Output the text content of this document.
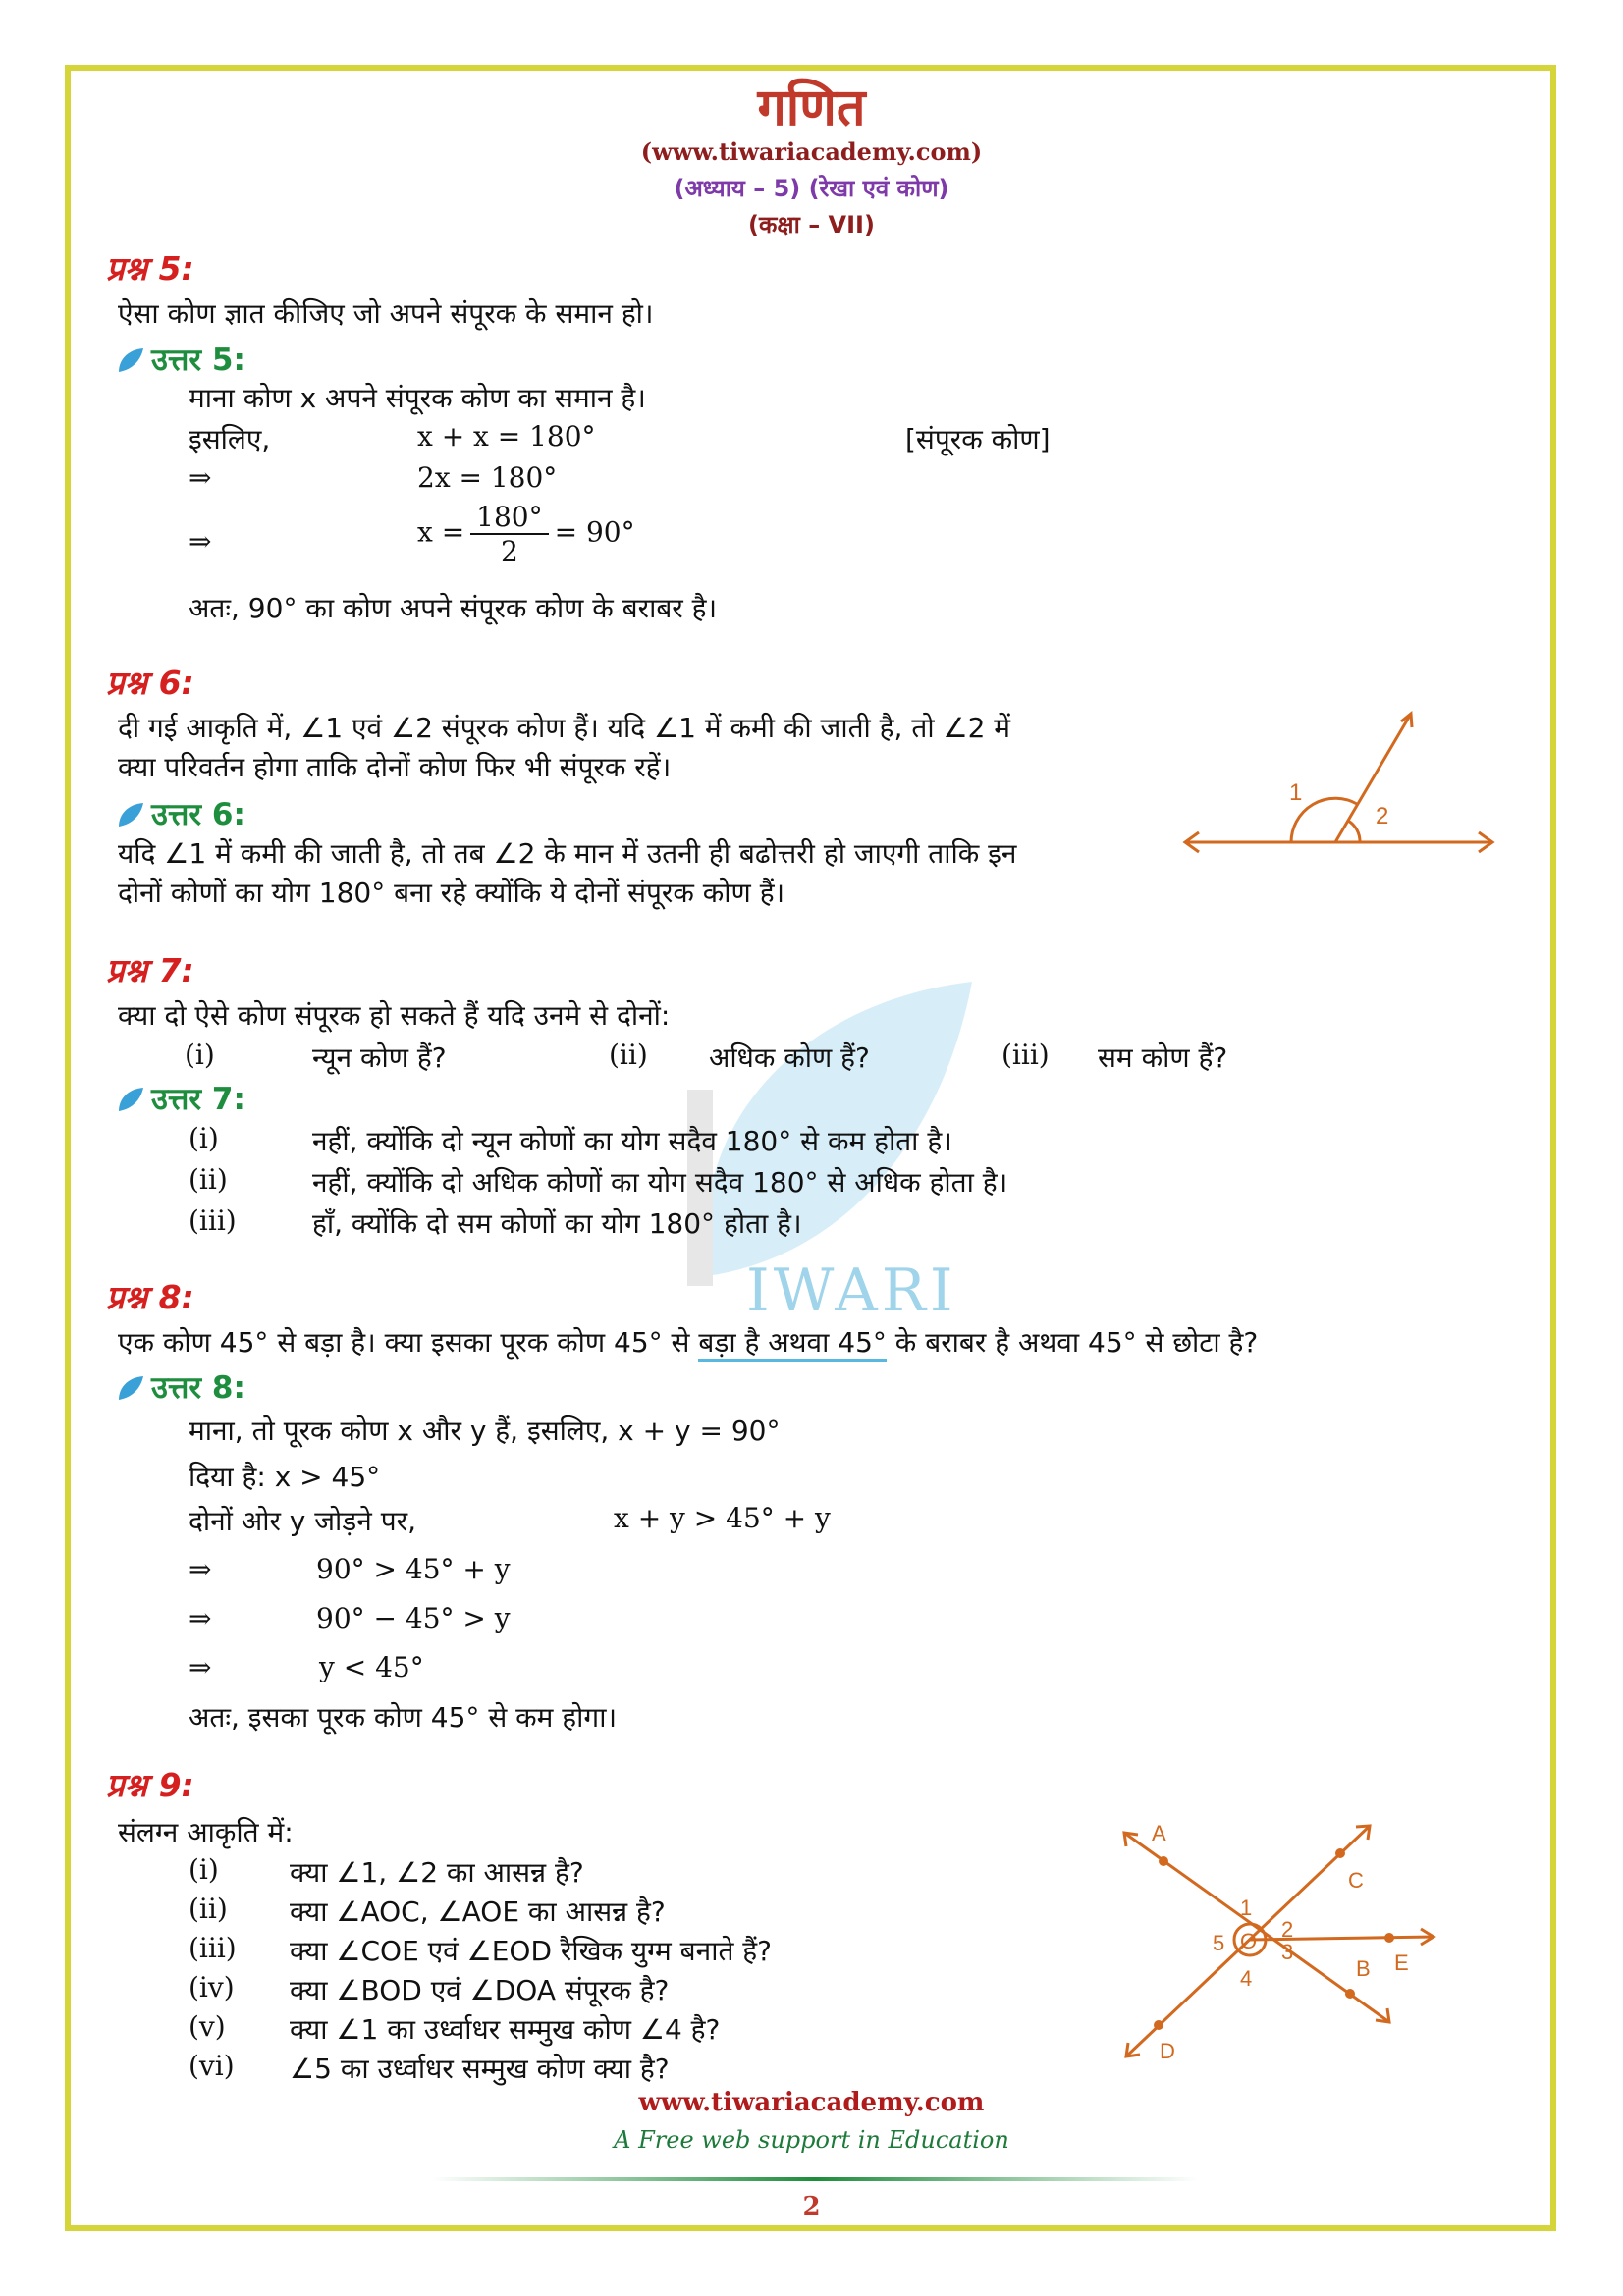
IWARI
गणित
(www.tiwariacademy.com)
(अध्याय – 5) (रेखा एवं कोण)
(कक्षा – VII)
प्रश्न 5:
ऐसा कोण ज्ञात कीजिए जो अपने संपूरक के समान हो।
उत्तर 5:
माना कोण x अपने संपूरक कोण का समान है।
इसलिए,	x + x = 180°	[संपूरक कोण]
⇒	2x = 180°
⇒	$x = \frac{180^\circ}{2} = 90^\circ$
अतः, 90° का कोण अपने संपूरक कोण के बराबर है।
प्रश्न 6:
दी गई आकृति में, ∠1 एवं ∠2 संपूरक कोण हैं। यदि ∠1 में कमी की जाती है, तो ∠2 में
क्या परिवर्तन होगा ताकि दोनों कोण फिर भी संपूरक रहें।
उत्तर 6:
यदि ∠1 में कमी की जाती है, तो तब ∠2 के मान में उतनी ही बढोत्तरी हो जाएगी ताकि इन
दोनों कोणों का योग 180° बना रहे क्योंकि ये दोनों संपूरक कोण हैं।
1
2
प्रश्न 7:
क्या दो ऐसे कोण संपूरक हो सकते हैं यदि उनमे से दोनों:
(i)	न्यून कोण हैं?	(ii) अधिक कोण हैं?	(iii) सम कोण हैं?
उत्तर 7:
(i)	नहीं, क्योंकि दो न्यून कोणों का योग सदैव 180° से कम होता है।
(ii)	नहीं, क्योंकि दो अधिक कोणों का योग सदैव 180° से अधिक होता है।
(iii)	हाँ, क्योंकि दो सम कोणों का योग 180° होता है।
प्रश्न 8:
एक कोण 45° से बड़ा है। क्या इसका पूरक कोण 45° से बड़ा है अथवा 45° के बराबर है अथवा 45° से छोटा है?
उत्तर 8:
माना, तो पूरक कोण x और y हैं, इसलिए, x + y = 90°
दिया है: x > 45°
दोनों ओर y जोड़ने पर,	x + y > 45° + y
⇒	90° > 45° + y
⇒	90° − 45° > y
⇒	y < 45°
अतः, इसका पूरक कोण 45° से कम होगा।
प्रश्न 9:
संलग्न आकृति में:
(i)	क्या ∠1, ∠2 का आसन्न है?
(ii) क्या ∠AOC, ∠AOE का आसन्न है?
(iii) क्या ∠COE एवं ∠EOD रैखिक युग्म बनाते हैं?
(iv) क्या ∠BOD एवं ∠DOA संपूरक है?
(v) क्या ∠1 का उर्ध्वाधर सम्मुख कोण ∠4 है?
(vi) ∠5 का उर्ध्वाधर सम्मुख कोण क्या है?
A
B
C
D
E
O
1
2
3
4
5
www.tiwariacademy.com
A Free web support in Education
2
